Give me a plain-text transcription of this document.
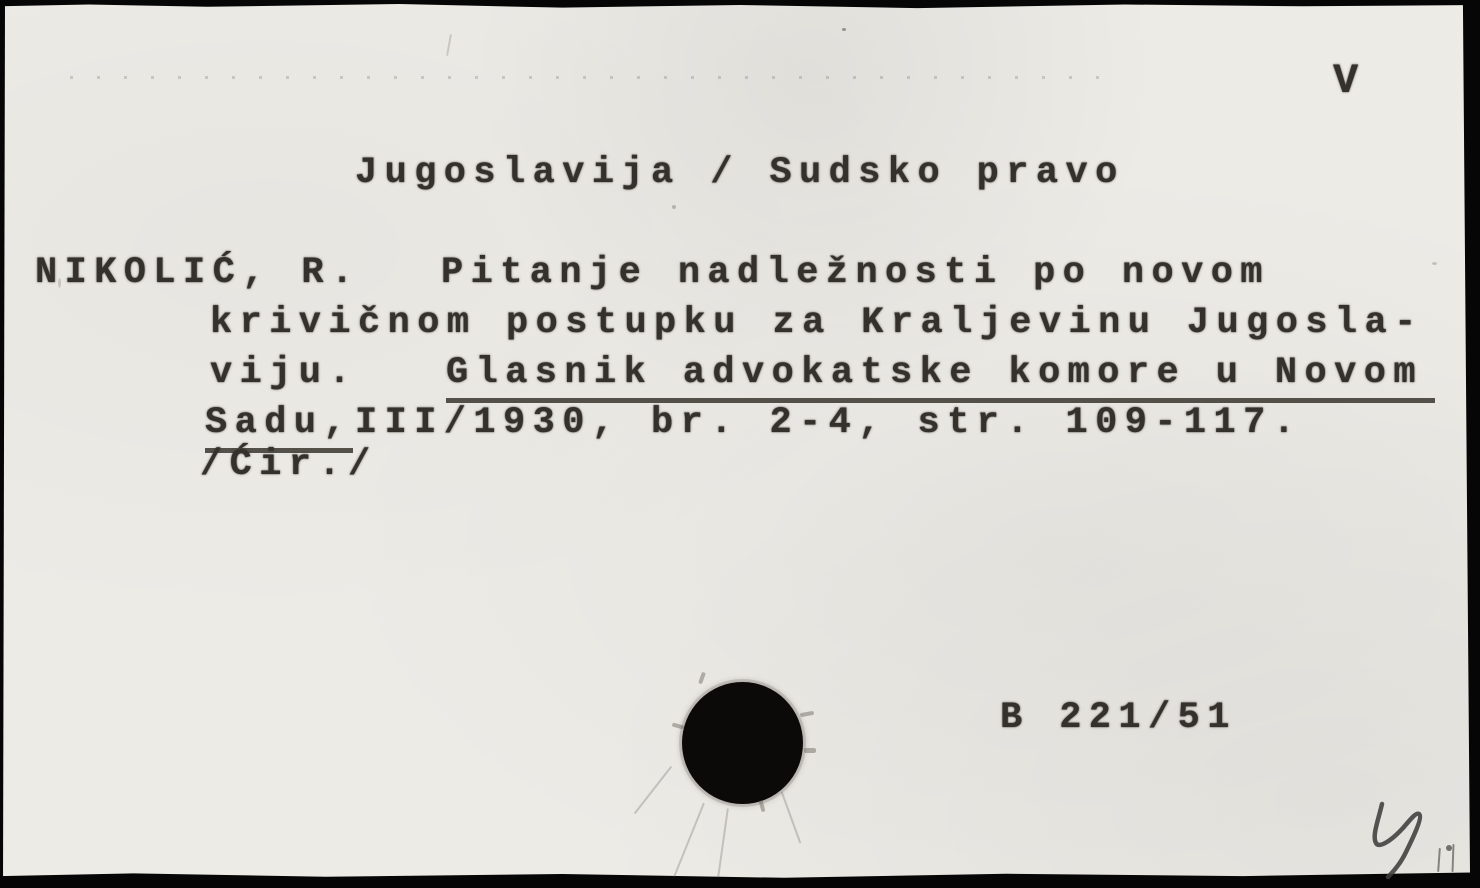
V
Jugoslavija / Sudsko pravo
NIKOLIĆ, R. Pitanje nadležnosti po novom
krivičnom postupku za Kraljevinu Jugosla-
viju. Glasnik advokatske komore u Novom
Sadu, III/1930, br. 2-4, str. 109-117.
/Ćir./
B 221/51
